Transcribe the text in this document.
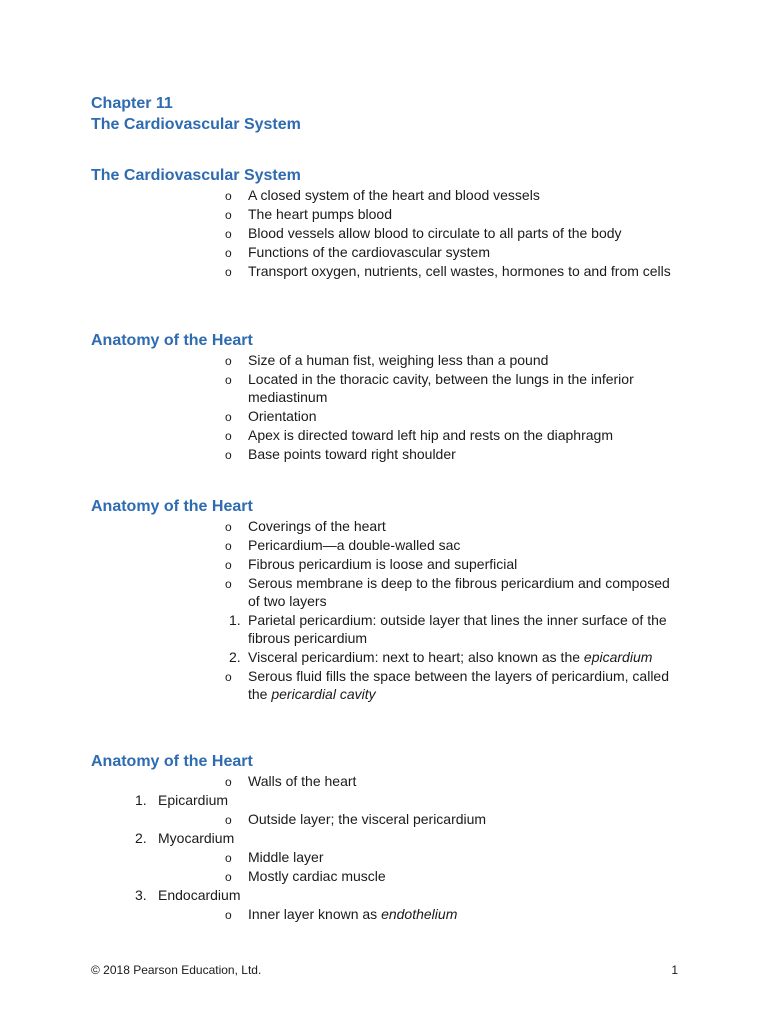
Chapter 11
The Cardiovascular System
The Cardiovascular System
o A closed system of the heart and blood vessels
o The heart pumps blood
o Blood vessels allow blood to circulate to all parts of the body
o Functions of the cardiovascular system
o Transport oxygen, nutrients, cell wastes, hormones to and from cells
Anatomy of the Heart
o Size of a human fist, weighing less than a pound
o Located in the thoracic cavity, between the lungs in the inferior mediastinum
o Orientation
o Apex is directed toward left hip and rests on the diaphragm
o Base points toward right shoulder
Anatomy of the Heart
o Coverings of the heart
o Pericardium—a double-walled sac
o Fibrous pericardium is loose and superficial
o Serous membrane is deep to the fibrous pericardium and composed of two layers
1. Parietal pericardium: outside layer that lines the inner surface of the fibrous pericardium
2. Visceral pericardium: next to heart; also known as the epicardium
o Serous fluid fills the space between the layers of pericardium, called the pericardial cavity
Anatomy of the Heart
o Walls of the heart
1. Epicardium
o Outside layer; the visceral pericardium
2. Myocardium
o Middle layer
o Mostly cardiac muscle
3. Endocardium
o Inner layer known as endothelium
© 2018 Pearson Education, Ltd.	1
